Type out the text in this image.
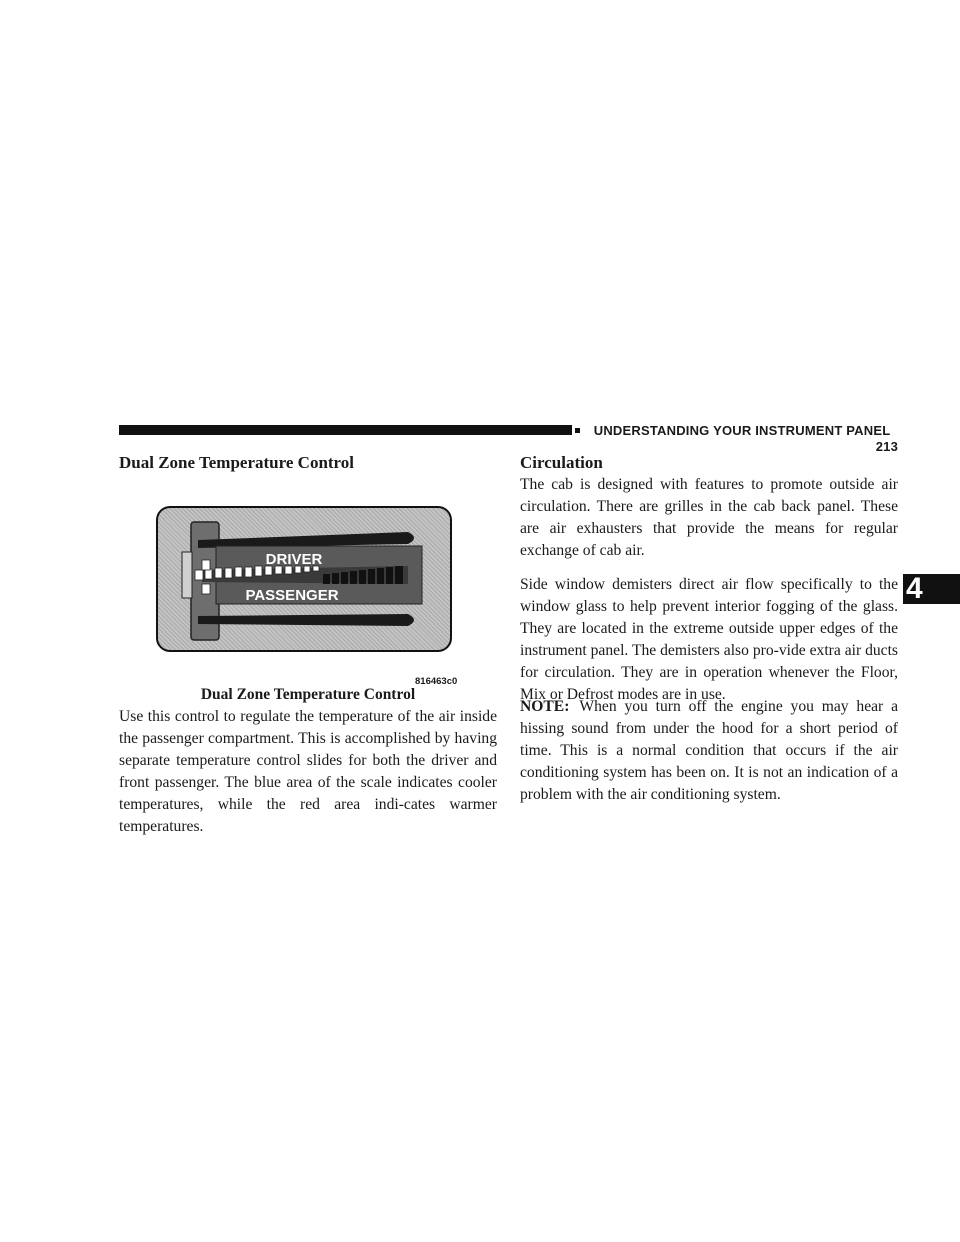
UNDERSTANDING YOUR INSTRUMENT PANEL   213
4
Dual Zone Temperature Control
DRIVER
PASSENGER
816463c0
Dual Zone Temperature Control

Use this control to regulate the temperature of the air inside the passenger compartment. This is accomplished by having separate temperature control slides for both the driver and front passenger. The blue area of the scale indicates cooler temperatures, while the red area indi-cates warmer temperatures.

Circulation

The cab is designed with features to promote outside air circulation. There are grilles in the cab back panel. These are air exhausters that provide the means for regular exchange of cab air.

Side window demisters direct air flow specifically to the window glass to help prevent interior fogging of the glass. They are located in the extreme outside upper edges of the instrument panel. The demisters also pro-vide extra air ducts for circulation. They are in operation whenever the Floor, Mix or Defrost modes are in use.

NOTE: When you turn off the engine you may hear a hissing sound from under the hood for a short period of time. This is a normal condition that occurs if the air conditioning system has been on. It is not an indication of a problem with the air conditioning system.
